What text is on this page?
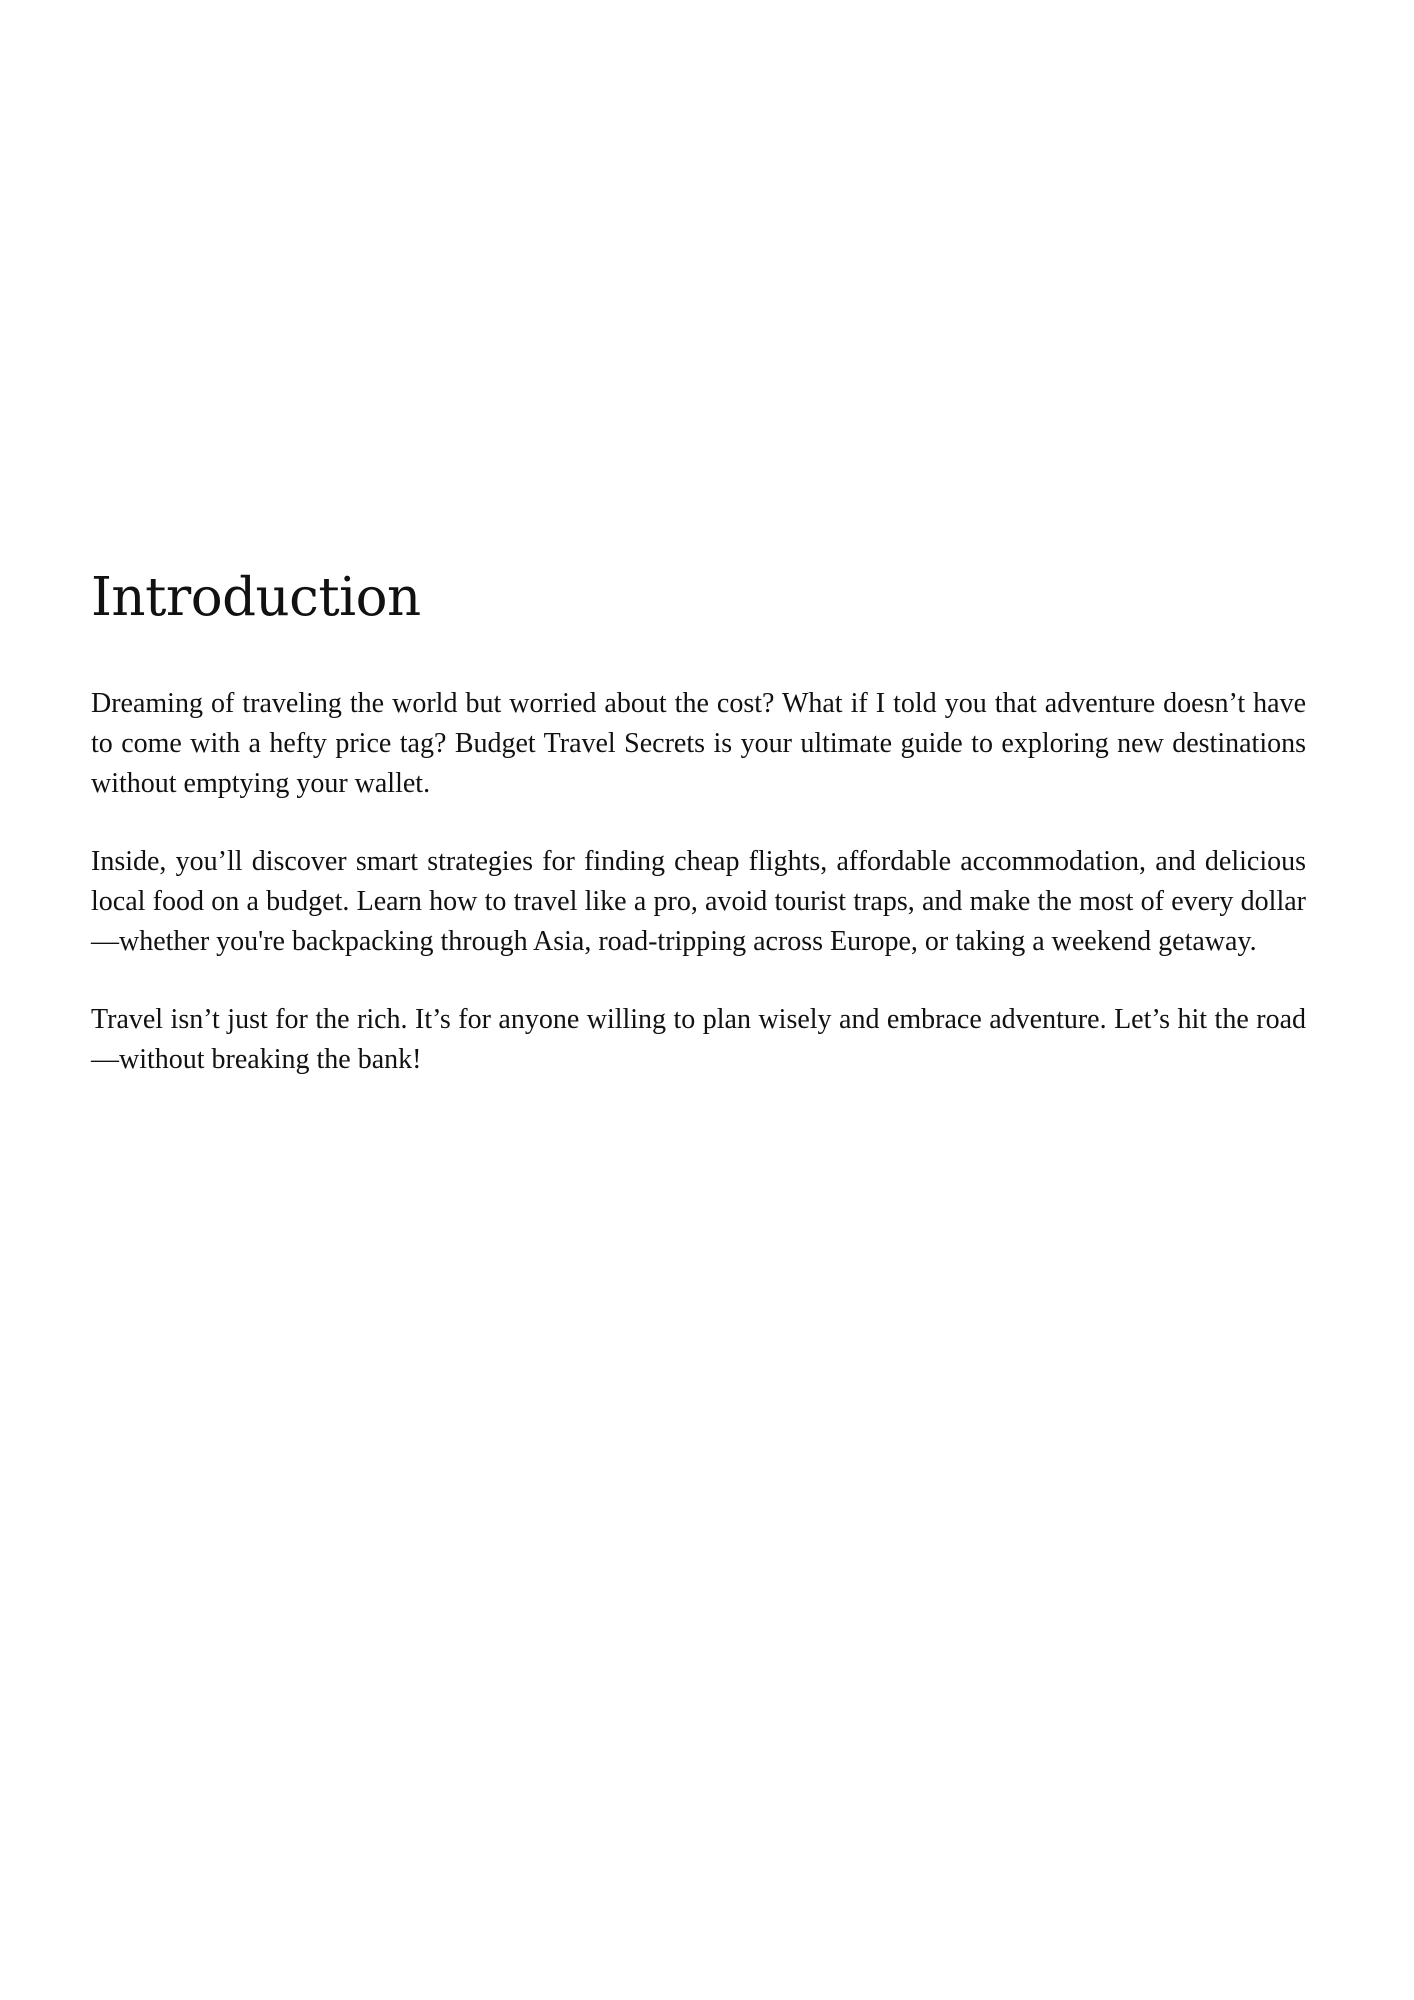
Introduction

Dreaming of traveling the world but worried about the cost? What if I told you that adventure doesn’t have to come with a hefty price tag? Budget Travel Secrets is your ultimate guide to exploring new destinations without emptying your wallet.

Inside, you’ll discover smart strategies for finding cheap flights, affordable accommodation, and delicious local food on a budget. Learn how to travel like a pro, avoid tourist traps, and make the most of every dollar—whether you're backpacking through Asia, road-tripping across Europe, or taking a weekend getaway.

Travel isn’t just for the rich. It’s for anyone willing to plan wisely and embrace adventure. Let’s hit the road—without breaking the bank!
